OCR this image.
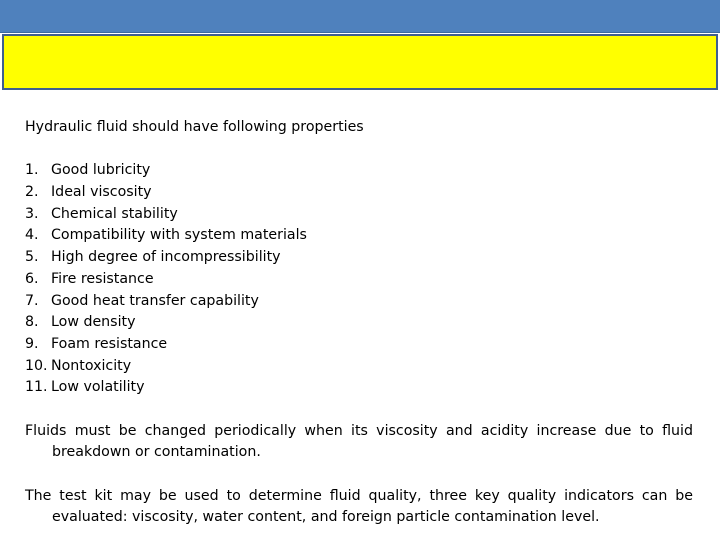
Hydraulic fluid should have following properties

1. Good lubricity
2. Ideal viscosity
3. Chemical stability
4. Compatibility with system materials
5. High degree of incompressibility
6. Fire resistance
7. Good heat transfer capability
8. Low density
9. Foam resistance
10. Nontoxicity
11. Low volatility

Fluids must be changed periodically when its viscosity and acidity increase due to fluid breakdown or contamination.

The test kit may be used to determine fluid quality, three key quality indicators can be evaluated: viscosity, water content, and foreign particle contamination level.
